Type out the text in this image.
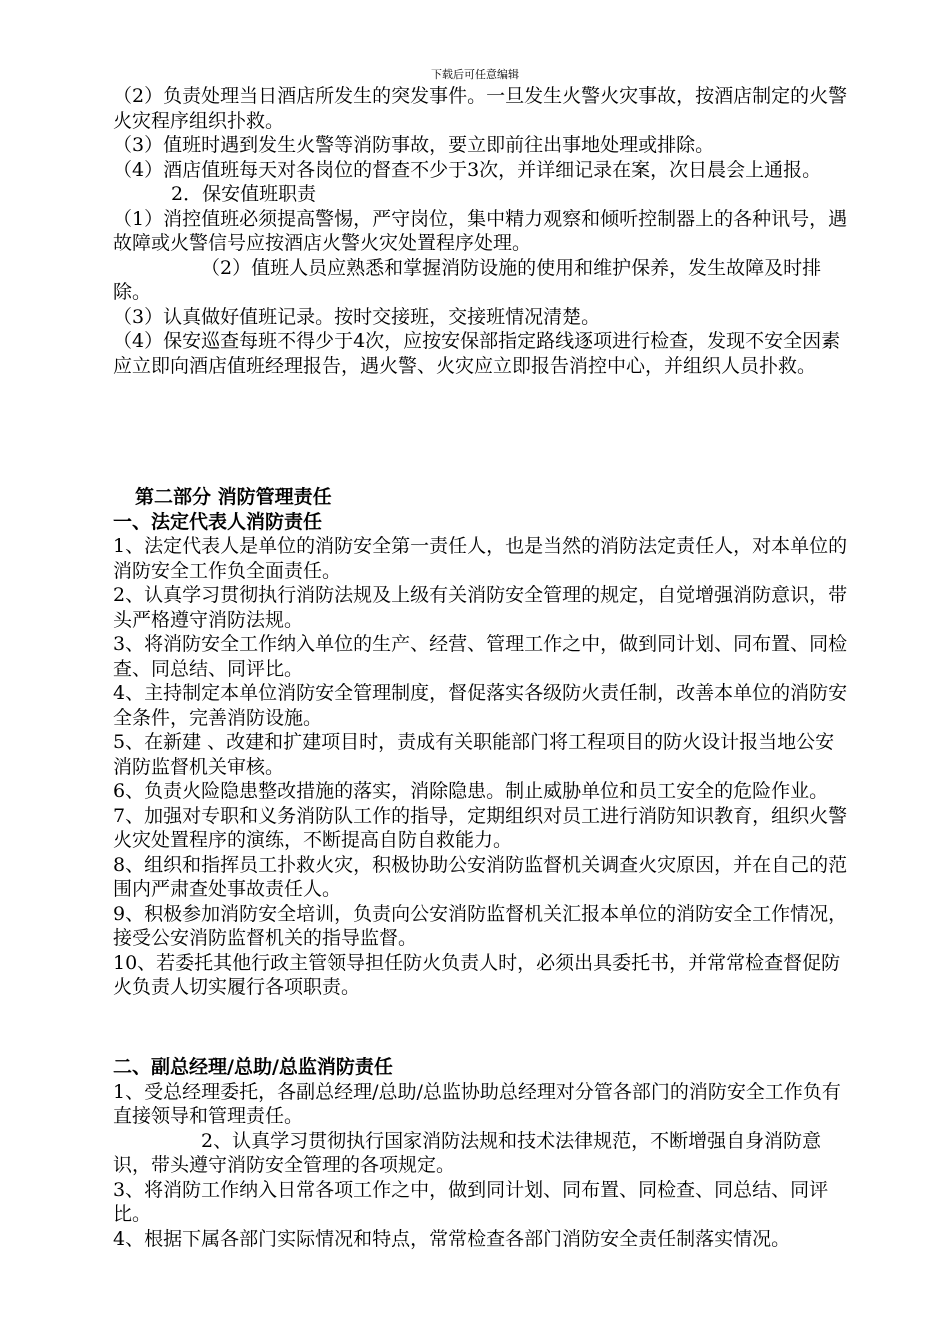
下载后可任意编辑

（2）负责处理当日酒店所发生的突发事件。一旦发生火警火灾事故，按酒店制定的火警火灾程序组织扑救。

（3）值班时遇到发生火警等消防事故，要立即前往出事地处理或排除。

（4）酒店值班每天对各岗位的督查不少于3次，并详细记录在案，次日晨会上通报。

2．保安值班职责

（1）消控值班必须提高警惕，严守岗位，集中精力观察和倾听控制器上的各种讯号，遇故障或火警信号应按酒店火警火灾处置程序处理。

（2）值班人员应熟悉和掌握消防设施的使用和维护保养，发生故障及时排除。

（3）认真做好值班记录。按时交接班，交接班情况清楚。

（4）保安巡查每班不得少于4次，应按安保部指定路线逐项进行检查，发现不安全因素应立即向酒店值班经理报告，遇火警、火灾应立即报告消控中心，并组织人员扑救。

第二部分 消防管理责任

一、法定代表人消防责任

1、法定代表人是单位的消防安全第一责任人，也是当然的消防法定责任人，对本单位的消防安全工作负全面责任。

2、认真学习贯彻执行消防法规及上级有关消防安全管理的规定，自觉增强消防意识，带头严格遵守消防法规。

3、将消防安全工作纳入单位的生产、经营、管理工作之中，做到同计划、同布置、同检查、同总结、同评比。

4、主持制定本单位消防安全管理制度，督促落实各级防火责任制，改善本单位的消防安全条件，完善消防设施。

5、在新建 、改建和扩建项目时，责成有关职能部门将工程项目的防火设计报当地公安消防监督机关审核。

6、负责火险隐患整改措施的落实，消除隐患。制止威胁单位和员工安全的危险作业。

7、加强对专职和义务消防队工作的指导，定期组织对员工进行消防知识教育，组织火警火灾处置程序的演练，不断提高自防自救能力。

8、组织和指挥员工扑救火灾，积极协助公安消防监督机关调查火灾原因，并在自己的范围内严肃查处事故责任人。

9、积极参加消防安全培训，负责向公安消防监督机关汇报本单位的消防安全工作情况，接受公安消防监督机关的指导监督。

10、若委托其他行政主管领导担任防火负责人时，必须出具委托书，并常常检查督促防火负责人切实履行各项职责。

二、副总经理/总助/总监消防责任

1、受总经理委托，各副总经理/总助/总监协助总经理对分管各部门的消防安全工作负有直接领导和管理责任。

2、认真学习贯彻执行国家消防法规和技术法律规范，不断增强自身消防意识，带头遵守消防安全管理的各项规定。

3、将消防工作纳入日常各项工作之中，做到同计划、同布置、同检查、同总结、同评比。

4、根据下属各部门实际情况和特点，常常检查各部门消防安全责任制落实情况。
